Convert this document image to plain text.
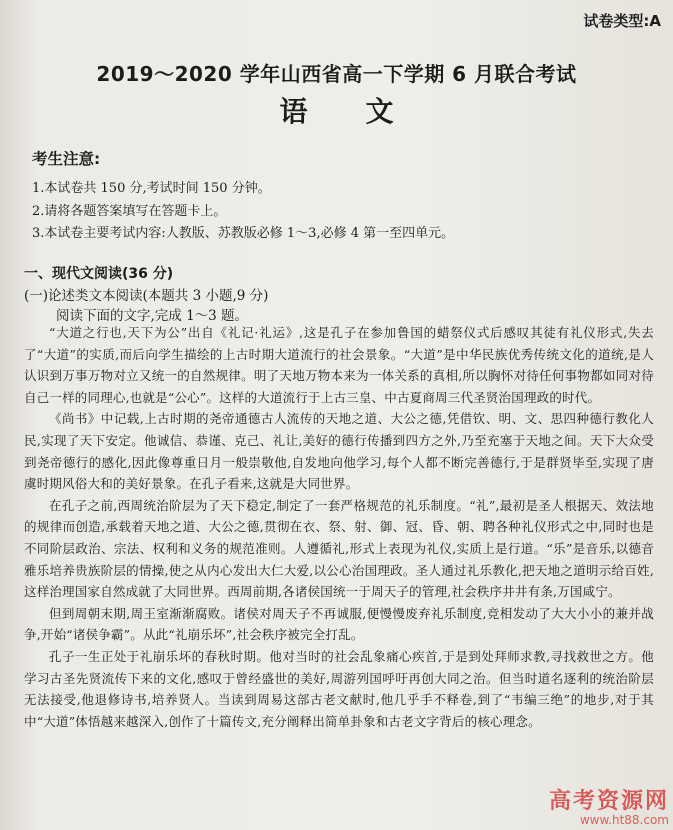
试卷类型:A
2019～2020 学年山西省高一下学期 6 月联合考试
语文
考生注意:
1.本试卷共 150 分,考试时间 150 分钟。
2.请将各题答案填写在答题卡上。
3.本试卷主要考试内容:人教版、苏教版必修 1～3,必修 4 第一至四单元。
一、现代文阅读(36 分)
(一)论述类文本阅读(本题共 3 小题,9 分)
阅读下面的文字,完成 1～3 题。

“大道之行也,天下为公”出自《礼记·礼运》,这是孔子在参加鲁国的蜡祭仪式后感叹其徒有礼仪形式,失去了“大道”的实质,而后向学生描绘的上古时期大道流行的社会景象。“大道”是中华民族优秀传统文化的道统,是人认识到万事万物对立又统一的自然规律。明了天地万物本来为一体关系的真相,所以胸怀对待任何事物都如同对待自己一样的同理心,也就是“公心”。这样的大道流行于上古三皇、中古夏商周三代圣贤治国理政的时代。

《尚书》中记载,上古时期的尧帝通德古人流传的天地之道、大公之德,凭借钦、明、文、思四种德行教化人民,实现了天下安定。他诚信、恭谨、克己、礼让,美好的德行传播到四方之外,乃至充塞于天地之间。天下大众受到尧帝德行的感化,因此像尊重日月一般崇敬他,自发地向他学习,每个人都不断完善德行,于是群贤毕至,实现了唐虞时期风俗大和的美好景象。在孔子看来,这就是大同世界。

在孔子之前,西周统治阶层为了天下稳定,制定了一套严格规范的礼乐制度。“礼”,最初是圣人根据天、效法地的规律而创造,承载着天地之道、大公之德,贯彻在衣、祭、射、御、冠、昏、朝、聘各种礼仪形式之中,同时也是不同阶层政治、宗法、权利和义务的规范准则。人遵循礼,形式上表现为礼仪,实质上是行道。“乐”是音乐,以德音雅乐培养贵族阶层的情操,使之从内心发出大仁大爱,以公心治国理政。圣人通过礼乐教化,把天地之道明示给百姓,这样治理国家自然成就了大同世界。西周前期,各诸侯国统一于周天子的管理,社会秩序井井有条,万国咸宁。

但到周朝末期,周王室渐渐腐败。诸侯对周天子不再诚服,便慢慢废弃礼乐制度,竞相发动了大大小小的兼并战争,开始“诸侯争霸”。从此“礼崩乐坏”,社会秩序被完全打乱。

孔子一生正处于礼崩乐坏的春秋时期。他对当时的社会乱象痛心疾首,于是到处拜师求教,寻找救世之方。他学习古圣先贤流传下来的文化,感叹于曾经盛世的美好,周游列国呼吁再创大同之治。但当时道名逐利的统治阶层无法接受,他退修诗书,培养贤人。当读到周易这部古老文献时,他几乎手不释卷,到了“韦编三绝”的地步,对于其中“大道”体悟越来越深入,创作了十篇传文,充分阐释出简单卦象和古老文字背后的核心理念。

高考资源网
www.ht88.com
